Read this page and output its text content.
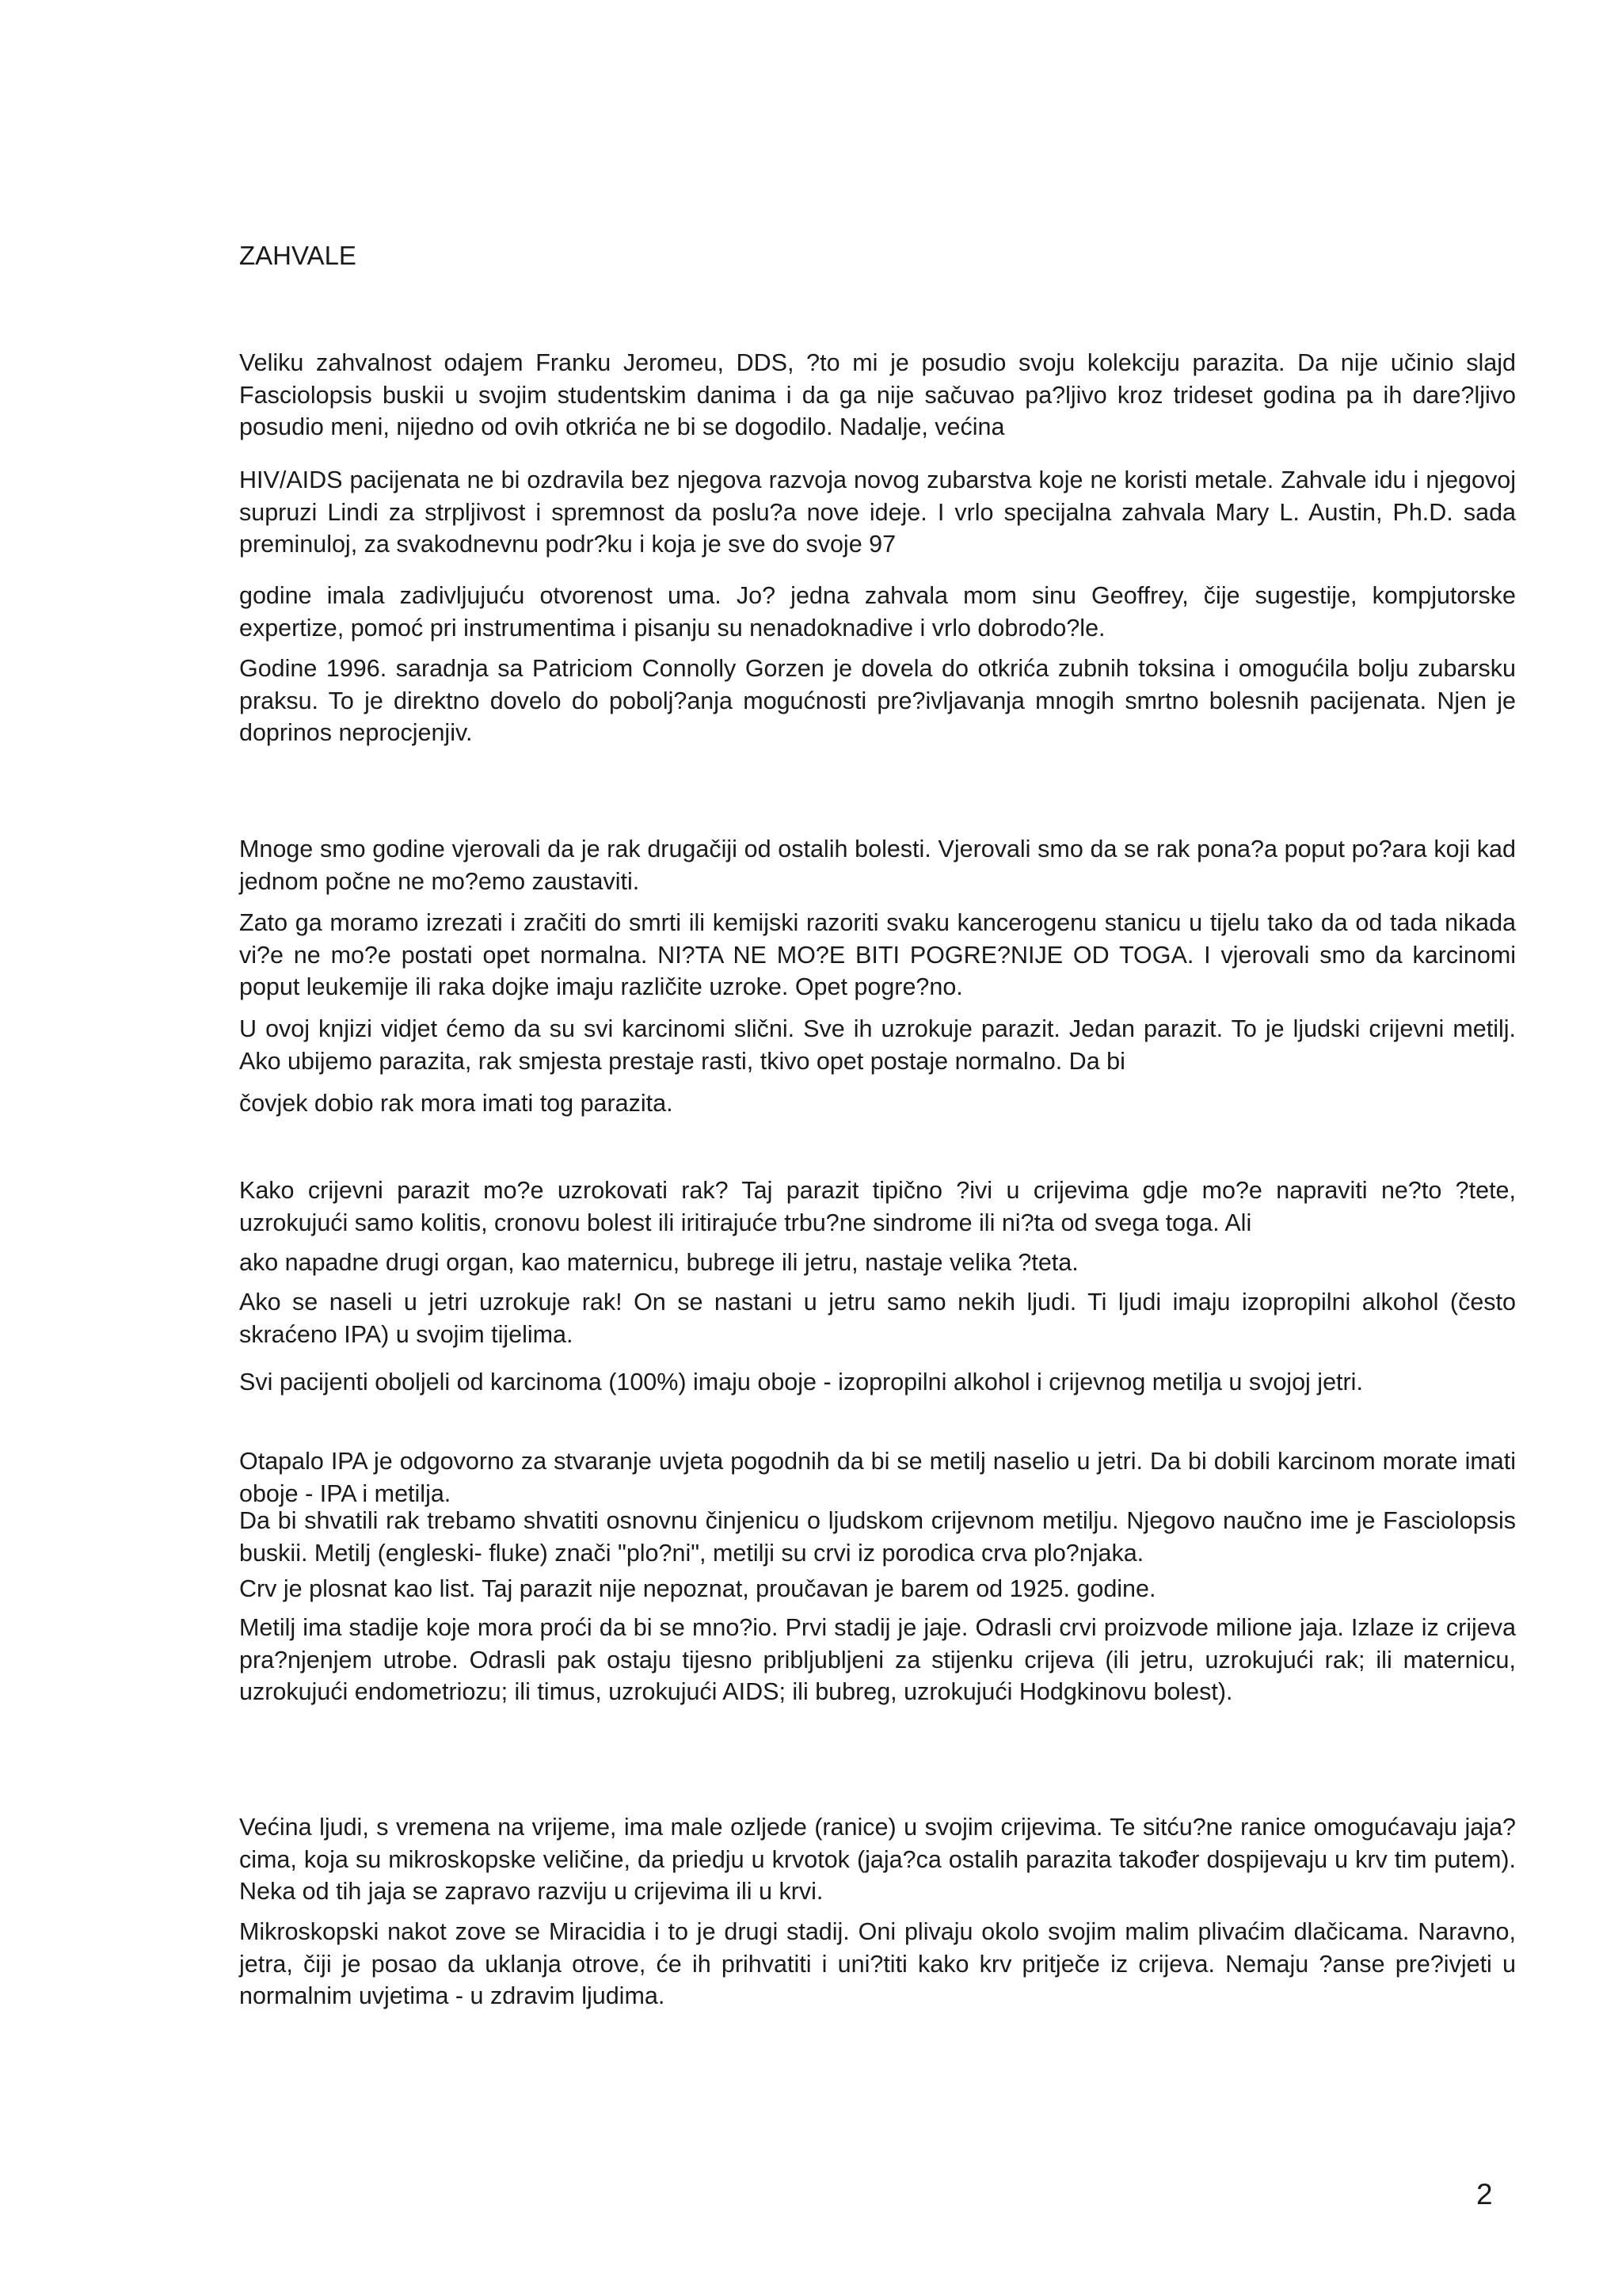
ZAHVALE

Veliku zahvalnost odajem Franku Jeromeu, DDS, ?to mi je posudio svoju kolekciju parazita. Da nije učinio slajd Fasciolopsis buskii u svojim studentskim danima i da ga nije sačuvao pa?ljivo kroz trideset godina pa ih dare?ljivo posudio meni, nijedno od ovih otkrića ne bi se dogodilo. Nadalje, većina

HIV/AIDS pacijenata ne bi ozdravila bez njegova razvoja novog zubarstva koje ne koristi metale. Zahvale idu i njegovoj supruzi Lindi za strpljivost i spremnost da poslu?a nove ideje. I vrlo specijalna zahvala Mary L. Austin, Ph.D. sada preminuloj, za svakodnevnu podr?ku i koja je sve do svoje 97

godine imala zadivljujuću otvorenost uma. Jo? jedna zahvala mom sinu Geoffrey, čije sugestije, kompjutorske expertize, pomoć pri instrumentima i pisanju su nenadoknadive i vrlo dobrodo?le.

Godine 1996. saradnja sa Patriciom Connolly Gorzen je dovela do otkrića zubnih toksina i omogućila bolju zubarsku praksu. To je direktno dovelo do pobolj?anja mogućnosti pre?ivljavanja mnogih smrtno bolesnih pacijenata. Njen je doprinos neprocjenjiv.

Mnoge smo godine vjerovali da je rak drugačiji od ostalih bolesti. Vjerovali smo da se rak pona?a poput po?ara koji kad jednom počne ne mo?emo zaustaviti.

Zato ga moramo izrezati i zračiti do smrti ili kemijski razoriti svaku kancerogenu stanicu u tijelu tako da od tada nikada vi?e ne mo?e postati opet normalna. NI?TA NE MO?E BITI POGRE?NIJE OD TOGA. I vjerovali smo da karcinomi poput leukemije ili raka dojke imaju različite uzroke. Opet pogre?no.

U ovoj knjizi vidjet ćemo da su svi karcinomi slični. Sve ih uzrokuje parazit. Jedan parazit. To je ljudski crijevni metilj. Ako ubijemo parazita, rak smjesta prestaje rasti, tkivo opet postaje normalno. Da bi

čovjek dobio rak mora imati tog parazita.

Kako crijevni parazit mo?e uzrokovati rak? Taj parazit tipično ?ivi u crijevima gdje mo?e napraviti ne?to ?tete, uzrokujući samo kolitis, cronovu bolest ili iritirajuće trbu?ne sindrome ili ni?ta od svega toga. Ali

ako napadne drugi organ, kao maternicu, bubrege ili jetru, nastaje velika ?teta.

Ako se naseli u jetri uzrokuje rak! On se nastani u jetru samo nekih ljudi. Ti ljudi imaju izopropilni alkohol (često skraćeno IPA) u svojim tijelima.

Svi pacijenti oboljeli od karcinoma (100%) imaju oboje - izopropilni alkohol i crijevnog metilja u svojoj jetri.

Otapalo IPA je odgovorno za stvaranje uvjeta pogodnih da bi se metilj naselio u jetri. Da bi dobili karcinom morate imati oboje - IPA i metilja.

Da bi shvatili rak trebamo shvatiti osnovnu činjenicu o ljudskom crijevnom metilju. Njegovo naučno ime je Fasciolopsis buskii. Metilj (engleski- fluke) znači "plo?ni", metilji su crvi iz porodica crva plo?njaka.

Crv je plosnat kao list. Taj parazit nije nepoznat, proučavan je barem od 1925. godine.

Metilj ima stadije koje mora proći da bi se mno?io. Prvi stadij je jaje. Odrasli crvi proizvode milione jaja. Izlaze iz crijeva pra?njenjem utrobe. Odrasli pak ostaju tijesno pribljubljeni za stijenku crijeva (ili jetru, uzrokujući rak; ili maternicu, uzrokujući endometriozu; ili timus, uzrokujući AIDS; ili bubreg, uzrokujući Hodgkinovu bolest).

Većina ljudi, s vremena na vrijeme, ima male ozljede (ranice) u svojim crijevima. Te sitću?ne ranice omogućavaju jaja?cima, koja su mikroskopske veličine, da priedju u krvotok (jaja?ca ostalih parazita također dospijevaju u krv tim putem). Neka od tih jaja se zapravo razviju u crijevima ili u krvi.

Mikroskopski nakot zove se Miracidia i to je drugi stadij. Oni plivaju okolo svojim malim plivaćim dlačicama. Naravno, jetra, čiji je posao da uklanja otrove, će ih prihvatiti i uni?titi kako krv pritječe iz crijeva. Nemaju ?anse pre?ivjeti u normalnim uvjetima - u zdravim ljudima.

2
